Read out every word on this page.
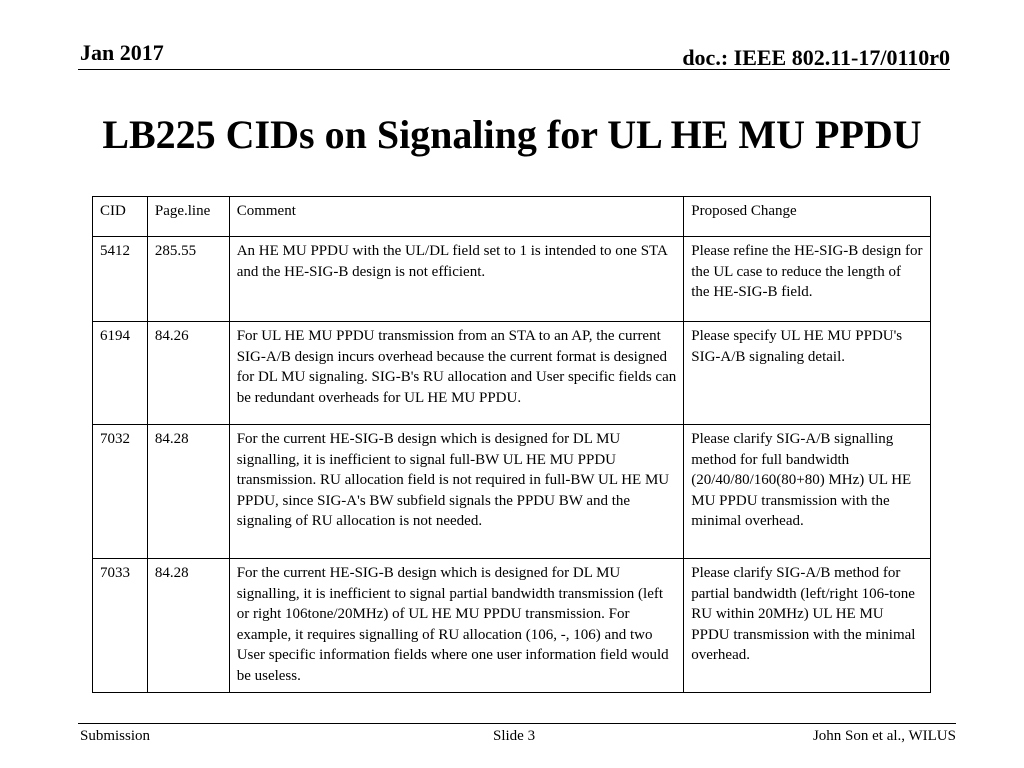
Jan 2017	doc.: IEEE 802.11-17/0110r0
LB225 CIDs on Signaling for UL HE MU PPDU
CID	Page.line	Comment	Proposed Change
5412	285.55	An HE MU PPDU with the UL/DL field set to 1 is intended to one STA and the HE-SIG-B design is not efficient.	Please refine the HE-SIG-B design for the UL case to reduce the length of the HE-SIG-B field.
6194	84.26	For UL HE MU PPDU transmission from an STA to an AP, the current SIG-A/B design incurs overhead because the current format is designed for DL MU signaling. SIG-B's RU allocation and User specific fields can be redundant overheads for UL HE MU PPDU.	Please specify UL HE MU PPDU's SIG-A/B signaling detail.
7032	84.28	For the current HE-SIG-B design which is designed for DL MU signalling, it is inefficient to signal full-BW UL HE MU PPDU transmission. RU allocation field is not required in full-BW UL HE MU PPDU, since SIG-A's BW subfield signals the PPDU BW and the signaling of RU allocation is not needed.	Please clarify SIG-A/B signalling method for full bandwidth (20/40/80/160(80+80) MHz) UL HE MU PPDU transmission with the minimal overhead.
7033	84.28	For the current HE-SIG-B design which is designed for DL MU signalling, it is inefficient to signal partial bandwidth transmission (left or right 106tone/20MHz) of UL HE MU PPDU transmission. For example, it requires signalling of RU allocation (106, -, 106) and two User specific information fields where one user information field would be useless.	Please clarify SIG-A/B method for partial bandwidth (left/right 106-tone RU within 20MHz) UL HE MU PPDU transmission with the minimal overhead.
Submission	Slide 3	John Son et al., WILUS
